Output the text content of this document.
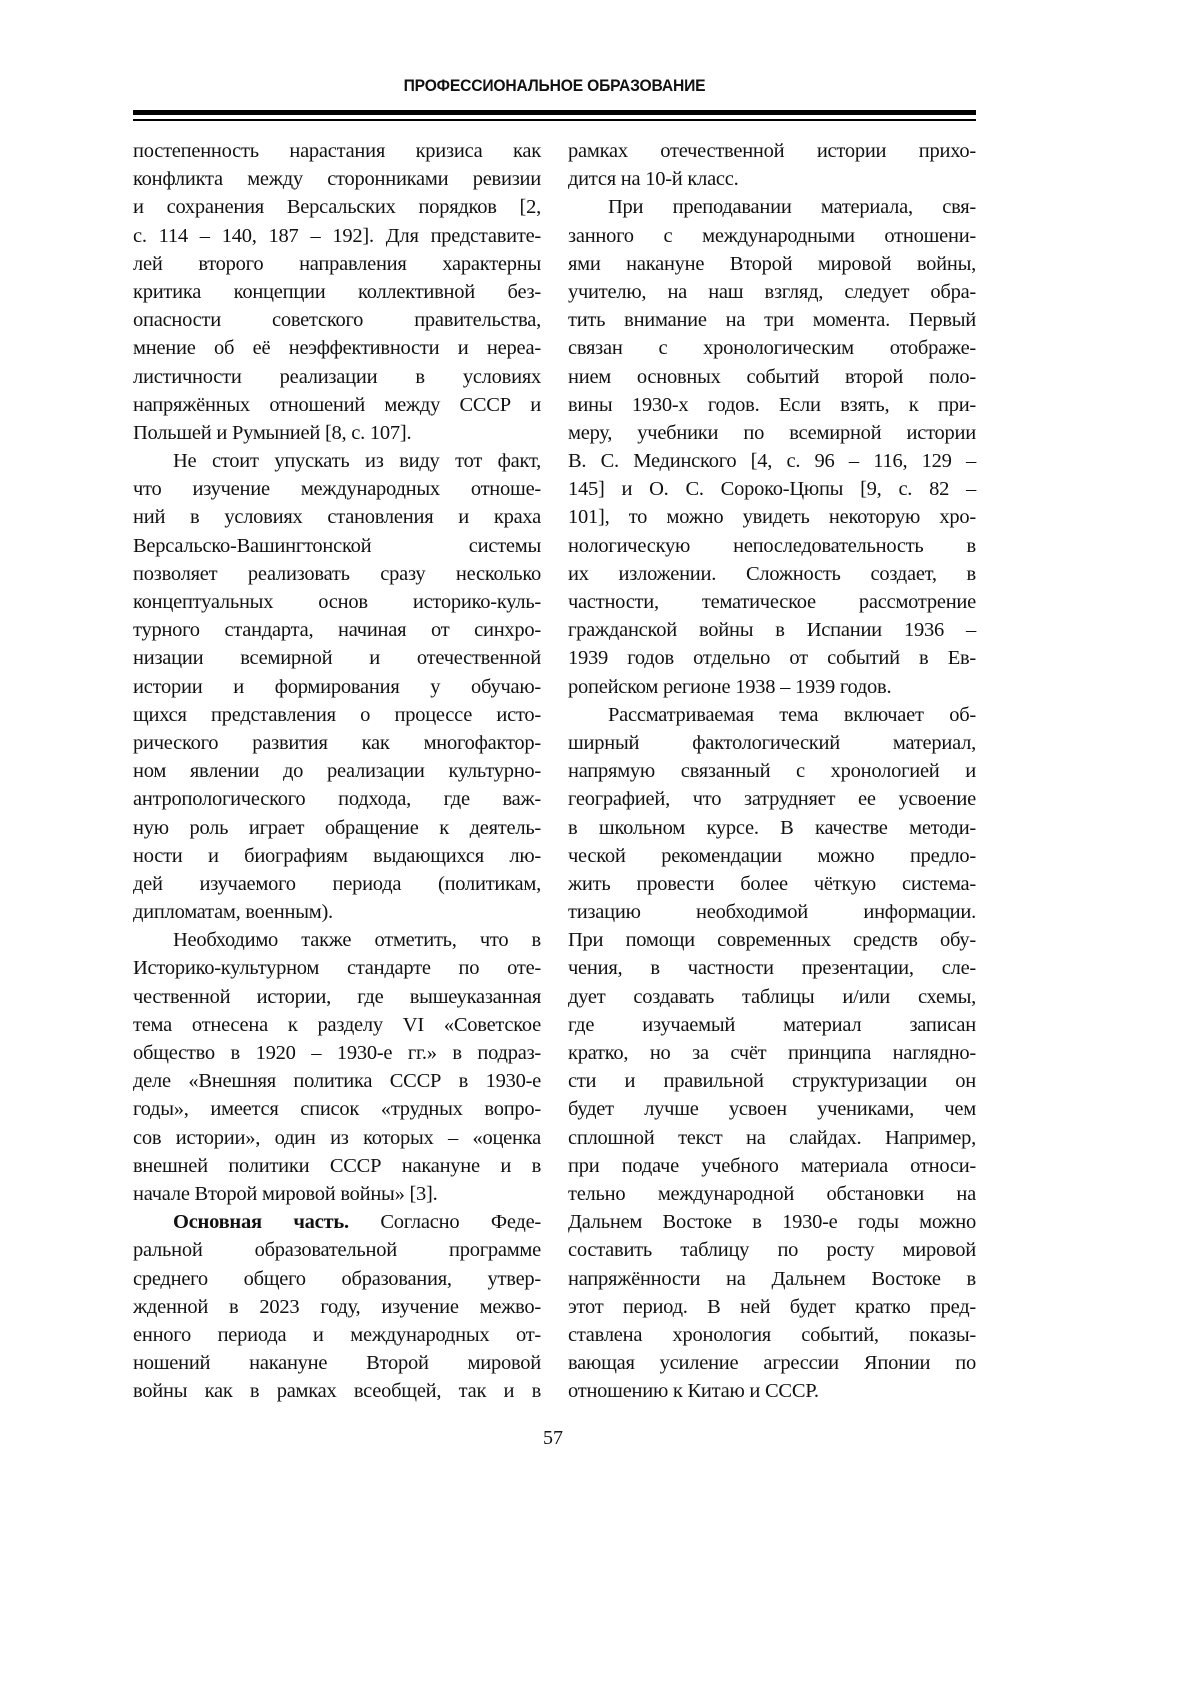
ПРОФЕССИОНАЛЬНОЕ ОБРАЗОВАНИЕ
постепенность нарастания кризиса как
конфликта между сторонниками ревизии
и сохранения Версальских порядков [2,
с. 114 – 140, 187 – 192]. Для представите-
лей второго направления характерны
критика концепции коллективной без-
опасности советского правительства,
мнение об её неэффективности и нереа-
листичности реализации в условиях
напряжённых отношений между СССР и
Польшей и Румынией [8, с. 107].
Не стоит упускать из виду тот факт,
что изучение международных отноше-
ний в условиях становления и краха
Версальско-Вашингтонской системы
позволяет реализовать сразу несколько
концептуальных основ историко-куль-
турного стандарта, начиная от синхро-
низации всемирной и отечественной
истории и формирования у обучаю-
щихся представления о процессе исто-
рического развития как многофактор-
ном явлении до реализации культурно-
антропологического подхода, где важ-
ную роль играет обращение к деятель-
ности и биографиям выдающихся лю-
дей изучаемого периода (политикам,
дипломатам, военным).
Необходимо также отметить, что в
Историко-культурном стандарте по оте-
чественной истории, где вышеуказанная
тема отнесена к разделу VI «Советское
общество в 1920 – 1930-е гг.» в подраз-
деле «Внешняя политика СССР в 1930-е
годы», имеется список «трудных вопро-
сов истории», один из которых – «оценка
внешней политики СССР накануне и в
начале Второй мировой войны» [3].
Основная часть. Согласно Феде-
ральной образовательной программе
среднего общего образования, утвер-
жденной в 2023 году, изучение межво-
енного периода и международных от-
ношений накануне Второй мировой
войны как в рамках всеобщей, так и в
рамках отечественной истории прихо-
дится на 10-й класс.
При преподавании материала, свя-
занного с международными отношени-
ями накануне Второй мировой войны,
учителю, на наш взгляд, следует обра-
тить внимание на три момента. Первый
связан с хронологическим отображе-
нием основных событий второй поло-
вины 1930-х годов. Если взять, к при-
меру, учебники по всемирной истории
В. С. Мединского [4, с. 96 – 116, 129 –
145] и О. С. Сороко-Цюпы [9, с. 82 –
101], то можно увидеть некоторую хро-
нологическую непоследовательность в
их изложении. Сложность создает, в
частности, тематическое рассмотрение
гражданской войны в Испании 1936 –
1939 годов отдельно от событий в Ев-
ропейском регионе 1938 – 1939 годов.
Рассматриваемая тема включает об-
ширный фактологический материал,
напрямую связанный с хронологией и
географией, что затрудняет ее усвоение
в школьном курсе. В качестве методи-
ческой рекомендации можно предло-
жить провести более чёткую система-
тизацию необходимой информации.
При помощи современных средств обу-
чения, в частности презентации, сле-
дует создавать таблицы и/или схемы,
где изучаемый материал записан
кратко, но за счёт принципа наглядно-
сти и правильной структуризации он
будет лучше усвоен учениками, чем
сплошной текст на слайдах. Например,
при подаче учебного материала относи-
тельно международной обстановки на
Дальнем Востоке в 1930-е годы можно
составить таблицу по росту мировой
напряжённости на Дальнем Востоке в
этот период. В ней будет кратко пред-
ставлена хронология событий, показы-
вающая усиление агрессии Японии по
отношению к Китаю и СССР.
57
